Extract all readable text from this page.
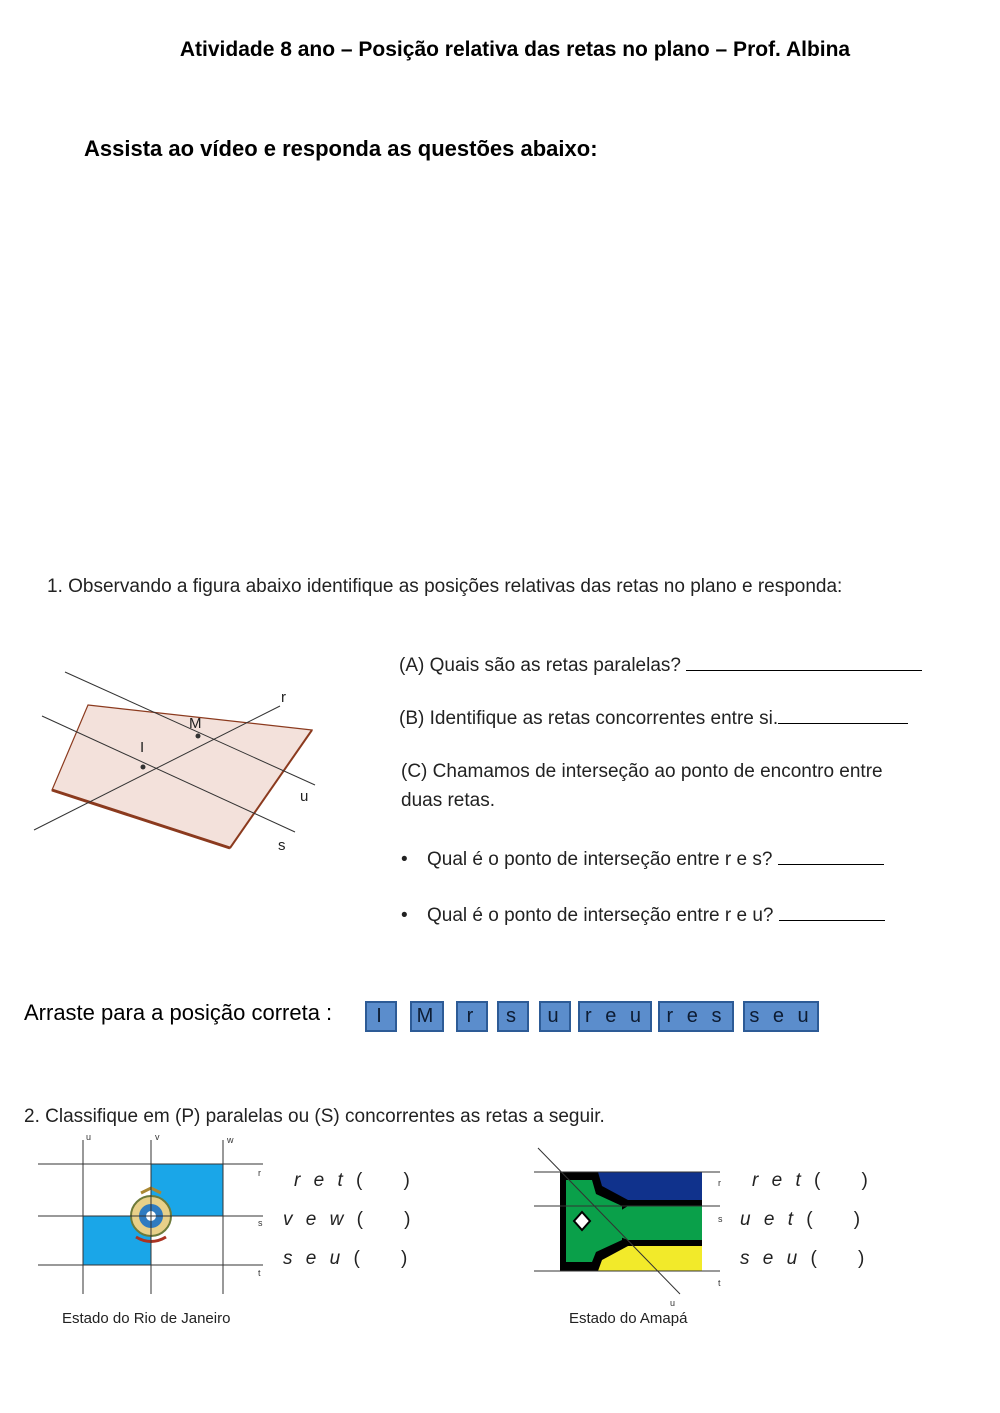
Atividade 8 ano – Posição relativa das retas no plano – Prof. Albina
Assista ao vídeo e responda as questões abaixo:
1. Observando a figura abaixo identifique as posições relativas das retas no plano e responda:
r
u
s
M
I
(A) Quais são as retas paralelas?
(B) Identifique as retas concorrentes entre si.
(C) Chamamos de interseção ao ponto de encontro entre
duas retas.
• Qual é o ponto de interseção entre r e s?
• Qual é o ponto de interseção entre r e u?
Arraste para a posição correta :	I	M	r	s	u	r e u	r e s	s e u
2. Classifique em (P) paralelas ou (S) concorrentes as retas a seguir.
u	v	w
r
s
t
r e t ( )
v e w ( )
s e u ( )
Estado do Rio de Janeiro
r
s
t
u
r e t ( )
u e t ( )
s e u ( )
Estado do Amapá
